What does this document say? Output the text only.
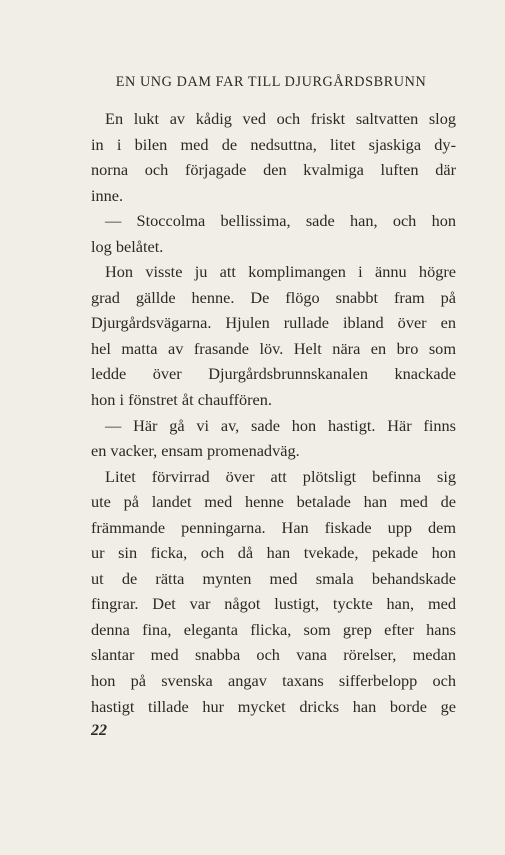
EN UNG DAM FAR TILL DJURGÅRDSBRUNN
En lukt av kådig ved och friskt saltvatten slog
in i bilen med de nedsuttna, litet sjaskiga dy-
norna och förjagade den kvalmiga luften där
inne.
— Stoccolma bellissima, sade han, och hon
log belåtet.
Hon visste ju att komplimangen i ännu högre
grad gällde henne. De flögo snabbt fram på
Djurgårdsvägarna. Hjulen rullade ibland över en
hel matta av frasande löv. Helt nära en bro som
ledde över Djurgårdsbrunnskanalen knackade
hon i fönstret åt chauffören.
— Här gå vi av, sade hon hastigt. Här finns
en vacker, ensam promenadväg.
Litet förvirrad över att plötsligt befinna sig
ute på landet med henne betalade han med de
främmande penningarna. Han fiskade upp dem
ur sin ficka, och då han tvekade, pekade hon
ut de rätta mynten med smala behandskade
fingrar. Det var något lustigt, tyckte han, med
denna fina, eleganta flicka, som grep efter hans
slantar med snabba och vana rörelser, medan
hon på svenska angav taxans sifferbelopp och
hastigt tillade hur mycket dricks han borde ge
22
